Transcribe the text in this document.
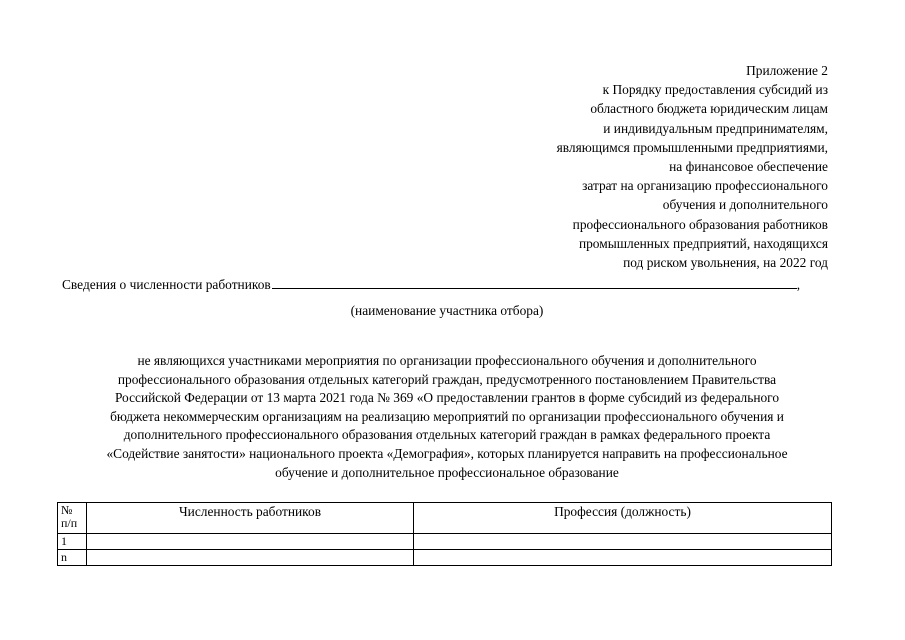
Приложение 2
к Порядку предоставления субсидий из
областного бюджета юридическим лицам
и индивидуальным предпринимателям,
являющимся промышленными предприятиями,
на финансовое обеспечение
затрат на организацию профессионального
обучения и дополнительного
профессионального образования работников
промышленных предприятий, находящихся
под риском увольнения, на 2022 год
Сведения о численности работников	,
(наименование участника отбора)
не являющихся участниками мероприятия по организации профессионального обучения и дополнительного
профессионального образования отдельных категорий граждан, предусмотренного постановлением Правительства
Российской Федерации от 13 марта 2021 года № 369 «О предоставлении грантов в форме субсидий из федерального
бюджета некоммерческим организациям на реализацию мероприятий по организации профессионального обучения и
дополнительного профессионального образования отдельных категорий граждан в рамках федерального проекта
«Содействие занятости» национального проекта «Демография», которых планируется направить на профессиональное
обучение и дополнительное профессиональное образование
№
п/п	Численность работников	Профессия (должность)
1		
n		
